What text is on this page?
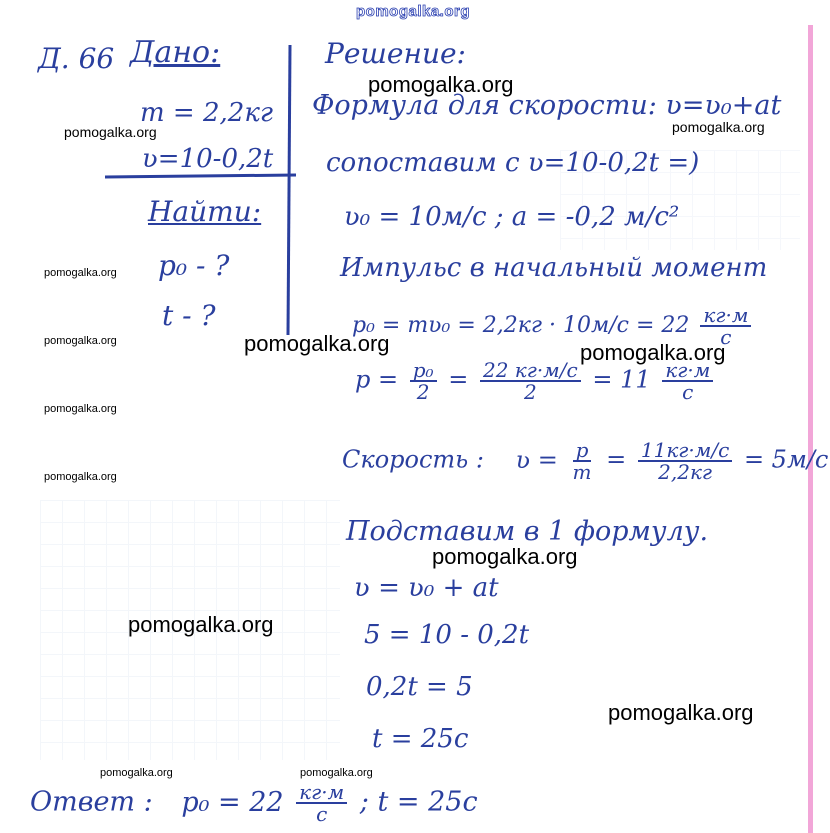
pomogalka.org
Д. 66 Дано:
m = 2,2кг
ʋ=10-0,2t
Найти:
p₀ - ?
t - ?
Решение:
Формула для скорости: ʋ=ʋ₀+at
сопоставим с ʋ=10-0,2t =)
ʋ₀ = 10м/с ; a = -0,2 м/с²
Импульс в начальный момент
p₀ = mʋ₀ = $2,2кг \cdot 10м/с = 22 \frac{кг\cdot м}{с}$
$p = \frac{\text{p₀}}{2} = \frac{22 кг\cdot м/с}{2} = 11 \frac{кг\cdot м}{с}$
Скорость : ʋ = $\frac{p}{m} = \frac{11кг\cdot м/с}{2,2кг} = 5м/с$
Подставим в 1 формулу.
ʋ = ʋ₀ + at
5 = 10 - 0,2t
0,2t = 5
t = 25с
Ответ : $p_0 = 22 \frac{кг\cdot м}{с}$ ; t = 25с
pomogalka.org
pomogalka.org	pomogalka.org
pomogalka.org
pomogalka.org	pomogalka.org
pomogalka.org
pomogalka.org
pomogalka.org
pomogalka.org
pomogalka.org
pomogalka.org
pomogalka.org	pomogalka.org
